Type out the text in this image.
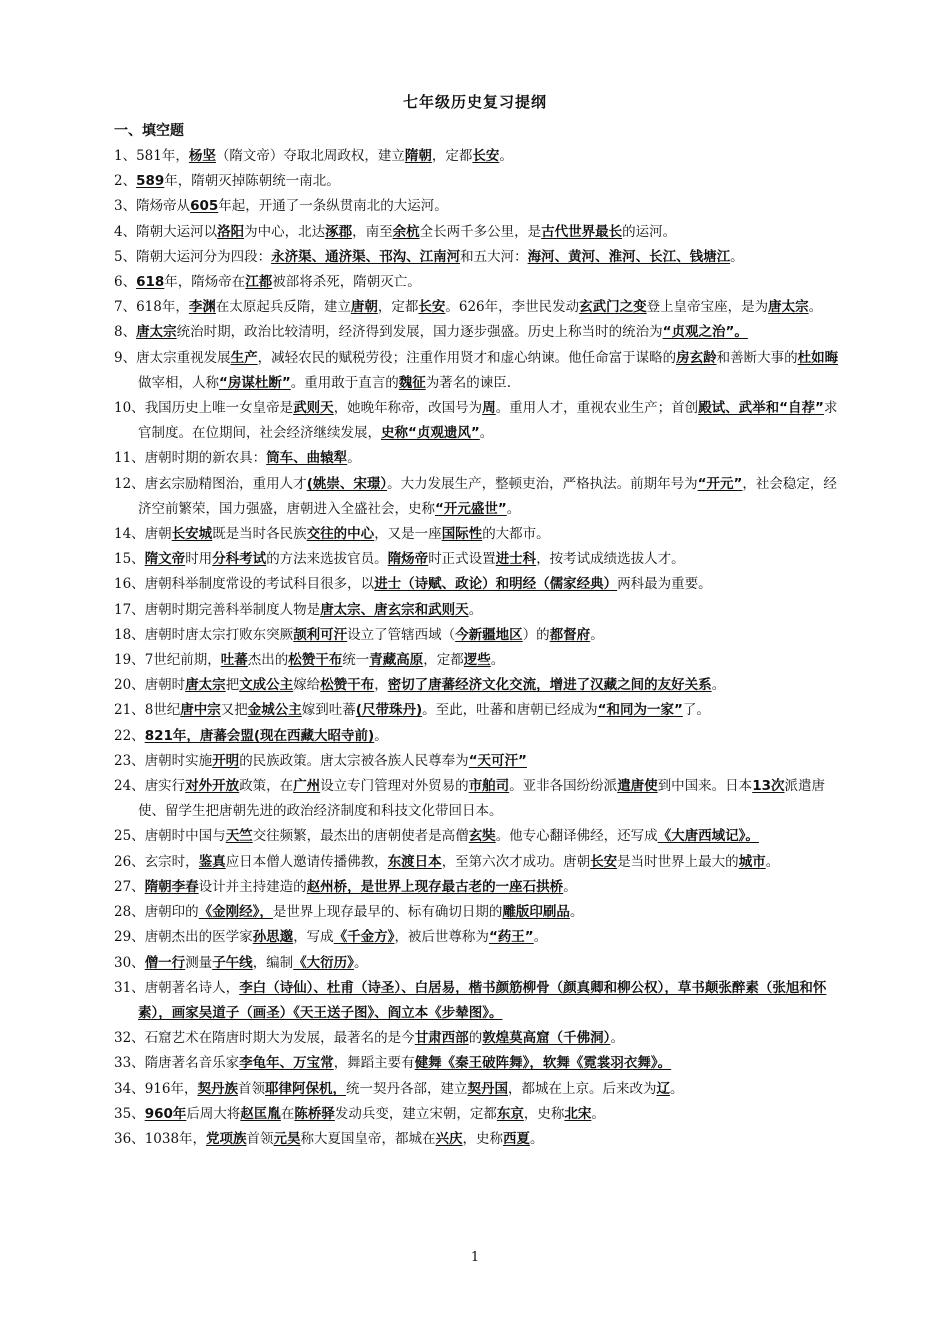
七年级历史复习提纲
一、填空题

1、581年，杨坚（隋文帝）夺取北周政权，建立隋朝，定都长安。

2、589年，隋朝灭掉陈朝统一南北。

3、隋炀帝从605年起，开通了一条纵贯南北的大运河。

4、隋朝大运河以洛阳为中心，北达涿郡，南至余杭全长两千多公里，是古代世界最长的运河。

5、隋朝大运河分为四段：永济渠、通济渠、邗沟、江南河和五大河：海河、黄河、淮河、长江、钱塘江。

6、618年，隋炀帝在江都被部将杀死，隋朝灭亡。

7、618年，李渊在太原起兵反隋，建立唐朝，定都长安。626年，李世民发动玄武门之变登上皇帝宝座，是为唐太宗。

8、唐太宗统治时期，政治比较清明，经济得到发展，国力逐步强盛。历史上称当时的统治为“贞观之治”。

9、唐太宗重视发展生产，减轻农民的赋税劳役；注重作用贤才和虚心纳谏。他任命富于谋略的房玄龄和善断大事的杜如晦做宰相，人称“房谋杜断”。重用敢于直言的魏征为著名的谏臣.

10、我国历史上唯一女皇帝是武则天，她晚年称帝，改国号为周。重用人才，重视农业生产；首创殿试、武举和“自荐”求官制度。在位期间，社会经济继续发展，史称“贞观遗风”。

11、唐朝时期的新农具：筒车、曲辕犁。

12、唐玄宗励精图治，重用人才(姚崇、宋璟）。大力发展生产，整顿吏治，严格执法。前期年号为“开元”，社会稳定，经济空前繁荣，国力强盛，唐朝进入全盛社会，史称“开元盛世”。

14、唐朝长安城既是当时各民族交往的中心，又是一座国际性的大都市。

15、隋文帝时用分科考试的方法来选拔官员。隋炀帝时正式设置进士科，按考试成绩选拔人才。

16、唐朝科举制度常设的考试科目很多，以进士（诗赋、政论）和明经（儒家经典）两科最为重要。

17、唐朝时期完善科举制度人物是唐太宗、唐玄宗和武则天。

18、唐朝时唐太宗打败东突厥颉利可汗设立了管辖西域（今新疆地区）的都督府。

19、7世纪前期，吐蕃杰出的松赞干布统一青藏高原，定都逻些。

20、唐朝时唐太宗把文成公主嫁给松赞干布，密切了唐蕃经济文化交流，增进了汉藏之间的友好关系。

21、8世纪唐中宗又把金城公主嫁到吐蕃(尺带珠丹)。至此，吐蕃和唐朝已经成为“和同为一家”了。

22、821年，唐蕃会盟(现在西藏大昭寺前)。

23、唐朝时实施开明的民族政策。唐太宗被各族人民尊奉为“天可汗”

24、唐实行对外开放政策，在广州设立专门管理对外贸易的市舶司。亚非各国纷纷派遣唐使到中国来。日本13次派遣唐使、留学生把唐朝先进的政治经济制度和科技文化带回日本。

25、唐朝时中国与天竺交往频繁，最杰出的唐朝使者是高僧玄奘。他专心翻译佛经，还写成《大唐西域记》。

26、玄宗时，鉴真应日本僧人邀请传播佛教，东渡日本，至第六次才成功。唐朝长安是当时世界上最大的城市。

27、隋朝李春设计并主持建造的赵州桥，是世界上现存最古老的一座石拱桥。

28、唐朝印的《金刚经》，是世界上现存最早的、标有确切日期的雕版印刷品。

29、唐朝杰出的医学家孙思邈，写成《千金方》，被后世尊称为“药王”。

30、僧一行测量子午线，编制《大衍历》。

31、唐朝著名诗人，李白（诗仙）、杜甫（诗圣）、白居易，楷书颜筋柳骨（颜真卿和柳公权），草书颠张醉素（张旭和怀素），画家吴道子（画圣）《天王送子图》、阎立本《步辇图》。

32、石窟艺术在隋唐时期大为发展，最著名的是今甘肃西部的敦煌莫高窟（千佛洞）。

33、隋唐著名音乐家李龟年、万宝常，舞蹈主要有健舞《秦王破阵舞》，软舞《霓裳羽衣舞》。

34、916年，契丹族首领耶律阿保机，统一契丹各部，建立契丹国，都城在上京。后来改为辽。

35、960年后周大将赵匡胤在陈桥驿发动兵变，建立宋朝，定都东京，史称北宋。

36、1038年，党项族首领元昊称大夏国皇帝，都城在兴庆，史称西夏。

1
